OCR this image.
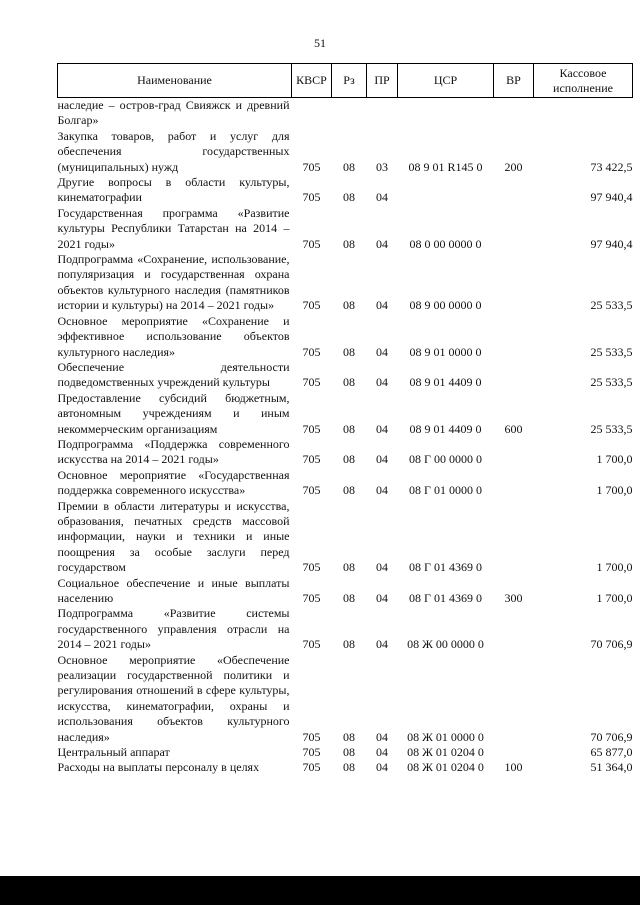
51
Наименование	КВСР	Рз	ПР	ЦСР	ВР	Кассовое исполнение
наследие – остров-град Свияжск и древний Болгар»						
Закупка товаров, работ и услуг для обеспечения государственных (муниципальных) нужд	705	08	03	08 9 01 R145 0	200	73 422,5
Другие вопросы в области культуры, кинематографии	705	08	04			97 940,4
Государственная программа «Развитие культуры Республики Татарстан на 2014 – 2021 годы»	705	08	04	08 0 00 0000 0		97 940,4
Подпрограмма «Сохранение, использование, популяризация и государственная охрана объектов культурного наследия (памятников истории и культуры) на 2014 – 2021 годы»	705	08	04	08 9 00 0000 0		25 533,5
Основное мероприятие «Сохранение и эффективное использование объектов культурного наследия»	705	08	04	08 9 01 0000 0		25 533,5
Обеспечение деятельности подведомственных учреждений культуры	705	08	04	08 9 01 4409 0		25 533,5
Предоставление субсидий бюджетным, автономным учреждениям и иным некоммерческим организациям	705	08	04	08 9 01 4409 0	600	25 533,5
Подпрограмма «Поддержка современного искусства на 2014 – 2021 годы»	705	08	04	08 Г 00 0000 0		1 700,0
Основное мероприятие «Государственная поддержка современного искусства»	705	08	04	08 Г 01 0000 0		1 700,0
Премии в области литературы и искусства, образования, печатных средств массовой информации, науки и техники и иные поощрения за особые заслуги перед государством	705	08	04	08 Г 01 4369 0		1 700,0
Социальное обеспечение и иные выплаты населению	705	08	04	08 Г 01 4369 0	300	1 700,0
Подпрограмма «Развитие системы государственного управления отрасли на 2014 – 2021 годы»	705	08	04	08 Ж 00 0000 0		70 706,9
Основное мероприятие «Обеспечение реализации государственной политики и регулирования отношений в сфере культуры, искусства, кинематографии, охраны и использования объектов культурного наследия»	705	08	04	08 Ж 01 0000 0		70 706,9
Центральный аппарат	705	08	04	08 Ж 01 0204 0		65 877,0
Расходы на выплаты персоналу в целях	705	08	04	08 Ж 01 0204 0	100	51 364,0
